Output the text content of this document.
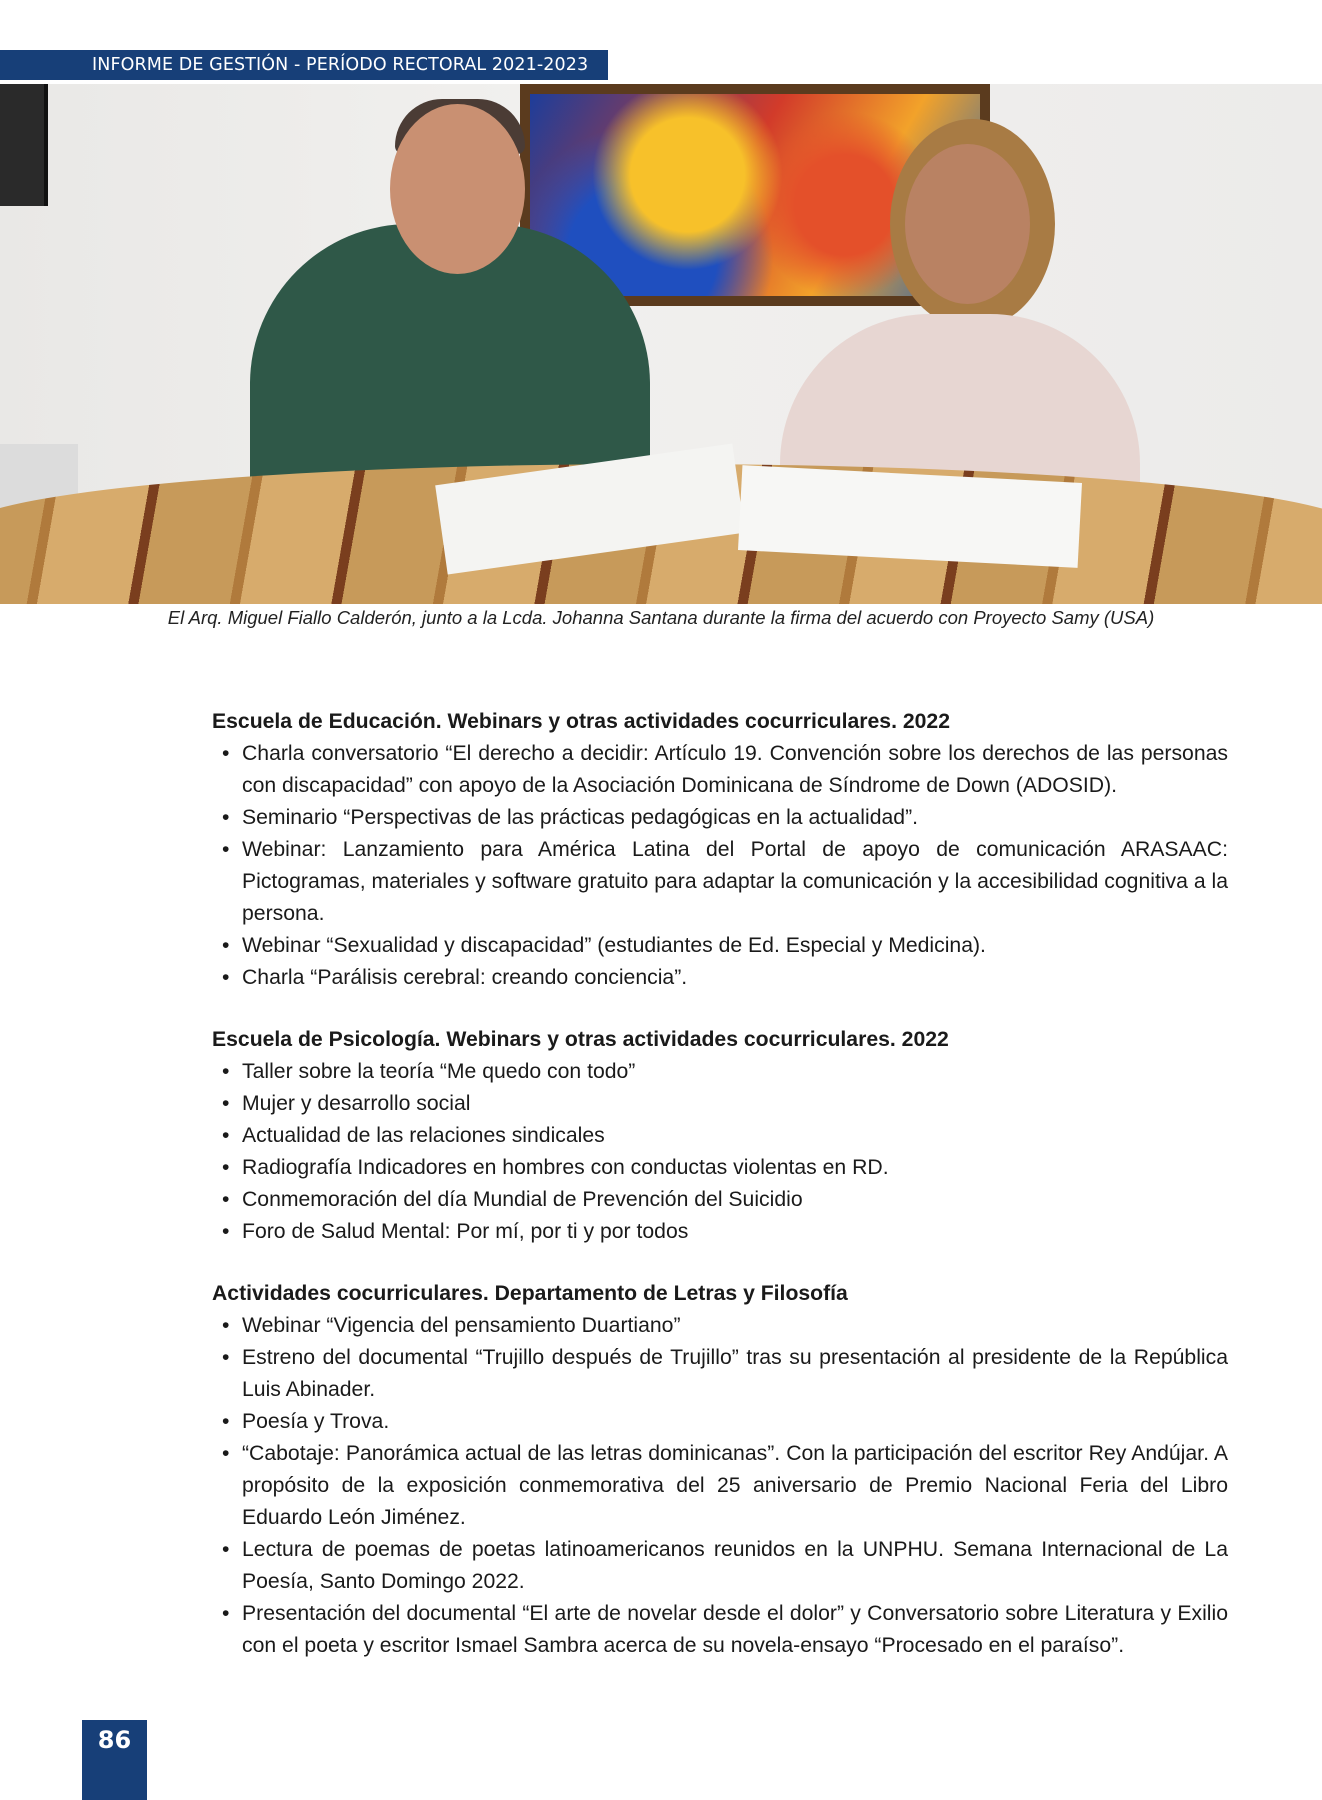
INFORME DE GESTIÓN - PERÍODO RECTORAL 2021-2023
El Arq. Miguel Fiallo Calderón, junto a la Lcda. Johanna Santana durante la firma del acuerdo con Proyecto Samy (USA)
Escuela de Educación. Webinars y otras actividades cocurriculares. 2022
• Charla conversatorio “El derecho a decidir: Artículo 19. Convención sobre los derechos de las personas con discapacidad” con apoyo de la Asociación Dominicana de Síndrome de Down (ADOSID).
• Seminario “Perspectivas de las prácticas pedagógicas en la actualidad”.
• Webinar: Lanzamiento para América Latina del Portal de apoyo de comunicación ARASAAC: Pictogramas, materiales y software gratuito para adaptar la comunicación y la accesibilidad cognitiva a la persona.
• Webinar “Sexualidad y discapacidad” (estudiantes de Ed. Especial y Medicina).
• Charla “Parálisis cerebral: creando conciencia”.
Escuela de Psicología. Webinars y otras actividades cocurriculares. 2022
• Taller sobre la teoría “Me quedo con todo”
• Mujer y desarrollo social
• Actualidad de las relaciones sindicales
• Radiografía Indicadores en hombres con conductas violentas en RD.
• Conmemoración del día Mundial de Prevención del Suicidio
• Foro de Salud Mental: Por mí, por ti y por todos
Actividades cocurriculares. Departamento de Letras y Filosofía
• Webinar “Vigencia del pensamiento Duartiano”
• Estreno del documental “Trujillo después de Trujillo” tras su presentación al presidente de la República Luis Abinader.
• Poesía y Trova.
• “Cabotaje: Panorámica actual de las letras dominicanas”. Con la participación del escritor Rey Andújar. A propósito de la exposición conmemorativa del 25 aniversario de Premio Nacional Feria del Libro Eduardo León Jiménez.
• Lectura de poemas de poetas latinoamericanos reunidos en la UNPHU. Semana Internacional de La Poesía, Santo Domingo 2022.
• Presentación del documental “El arte de novelar desde el dolor” y Conversatorio sobre Literatura y Exilio con el poeta y escritor Ismael Sambra acerca de su novela-ensayo “Procesado en el paraíso”.
86
